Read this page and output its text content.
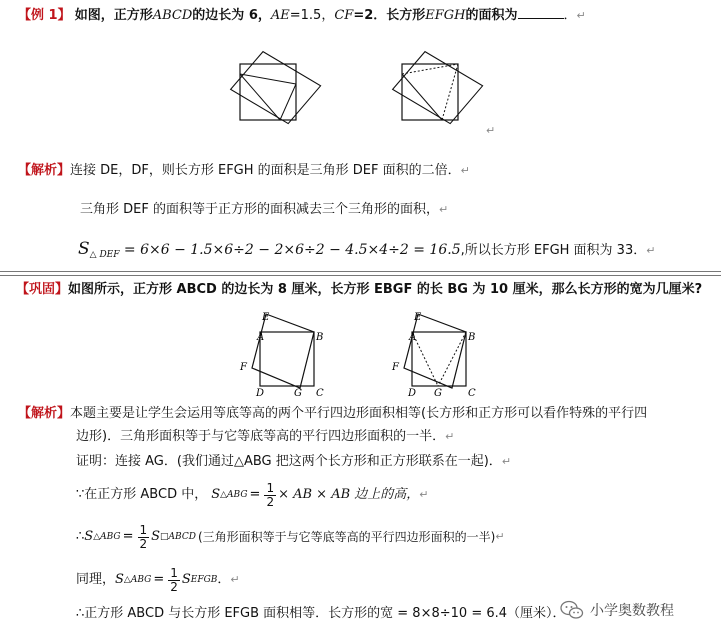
【例 1】 如图，正方形ABCD的边长为 6，AE=1.5，CF=2．长方形EFGH的面积为	．↵
↵
【解析】连接 DE，DF，则长方形 EFGH 的面积是三角形 DEF 面积的二倍．↵
三角形 DEF 的面积等于正方形的面积减去三个三角形的面积，↵
$S_{\triangle DEF} = 6\times 6 - 1.5\times 6\div 2 - 2\times 6\div 2 - 4.5\times 4\div 2 = 16.5$,所以长方形 EFGH 面积为 33．↵
【巩固】如图所示，正方形 ABCD 的边长为 8 厘米，长方形 EBGF 的长 BG 为 10 厘米，那么长方形的宽为几厘米?
A	B
C
D
E
F
G
A	B
C
D
E
F
G
【解析】本题主要是让学生会运用等底等高的两个平行四边形面积相等(长方形和正方形可以看作特殊的平行四
边形)．三角形面积等于与它等底等高的平行四边形面积的一半．↵
证明：连接 AG．(我们通过△ABG 把这两个长方形和正方形联系在一起)．↵
∵在正方形 ABCD 中， S △ABG = $\frac{1}{2}$ × AB × AB 边上的高， ↵
∴ S △ABG = $\frac{1}{2}$ S □ABCD (三角形面积等于与它等底等高的平行四边形面积的一半) ↵
同理， S △ABG = $\frac{1}{2}$ S EFGB ． ↵
∴正方形 ABCD 与长方形 EFGB 面积相等．长方形的宽 = 8×8÷10 = 6.4（厘米）． 小学奥数教程
